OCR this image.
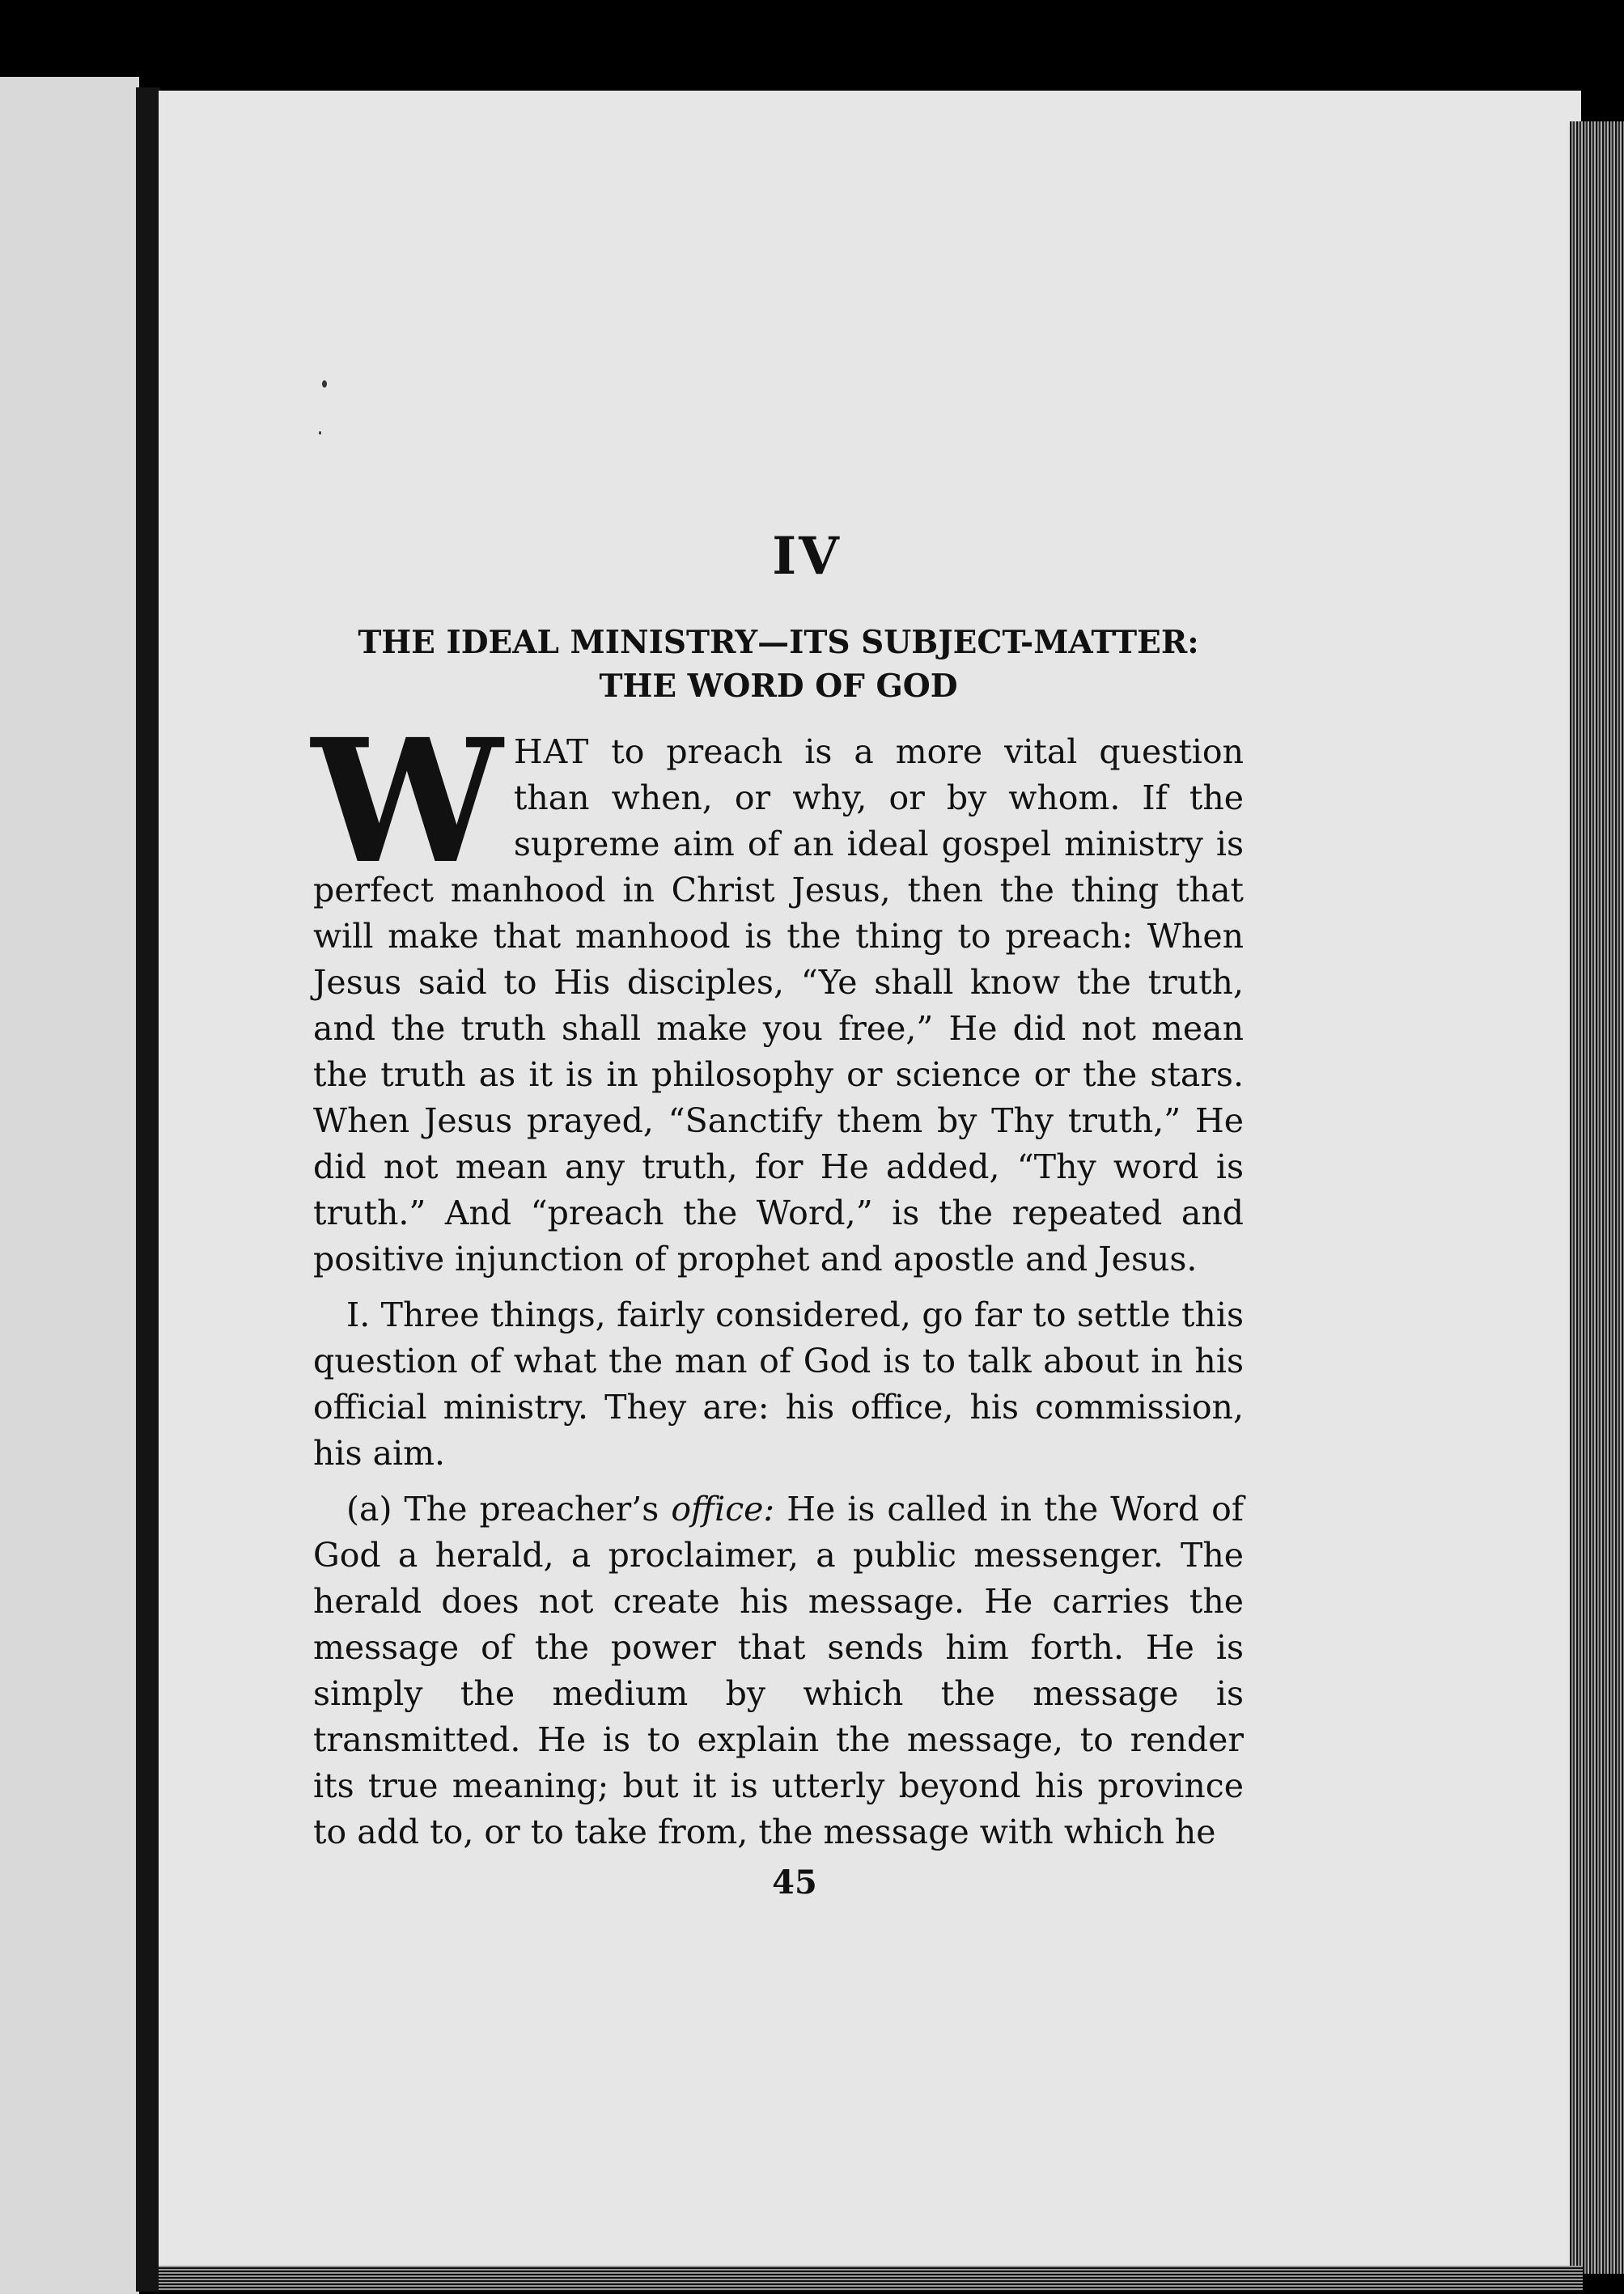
IV
THE IDEAL MINISTRY—ITS SUBJECT-MATTER:
THE WORD OF GOD

WHAT to preach is a more vital question than when, or why, or by whom. If the supreme aim of an ideal gospel ministry is perfect manhood in Christ Jesus, then the thing that will make that manhood is the thing to preach: When Jesus said to His disciples, “Ye shall know the truth, and the truth shall make you free,” He did not mean the truth as it is in philosophy or science or the stars. When Jesus prayed, “Sanctify them by Thy truth,” He did not mean any truth, for He added, “Thy word is truth.” And “preach the Word,” is the repeated and positive injunction of prophet and apostle and Jesus.

I. Three things, fairly considered, go far to settle this question of what the man of God is to talk about in his official ministry. They are: his office, his commission, his aim.

(a) The preacher’s office: He is called in the Word of God a herald, a proclaimer, a public messenger. The herald does not create his message. He carries the message of the power that sends him forth. He is simply the medium by which the message is transmitted. He is to explain the message, to render its true meaning; but it is utterly beyond his province to add to, or to take from, the message with which he

45
